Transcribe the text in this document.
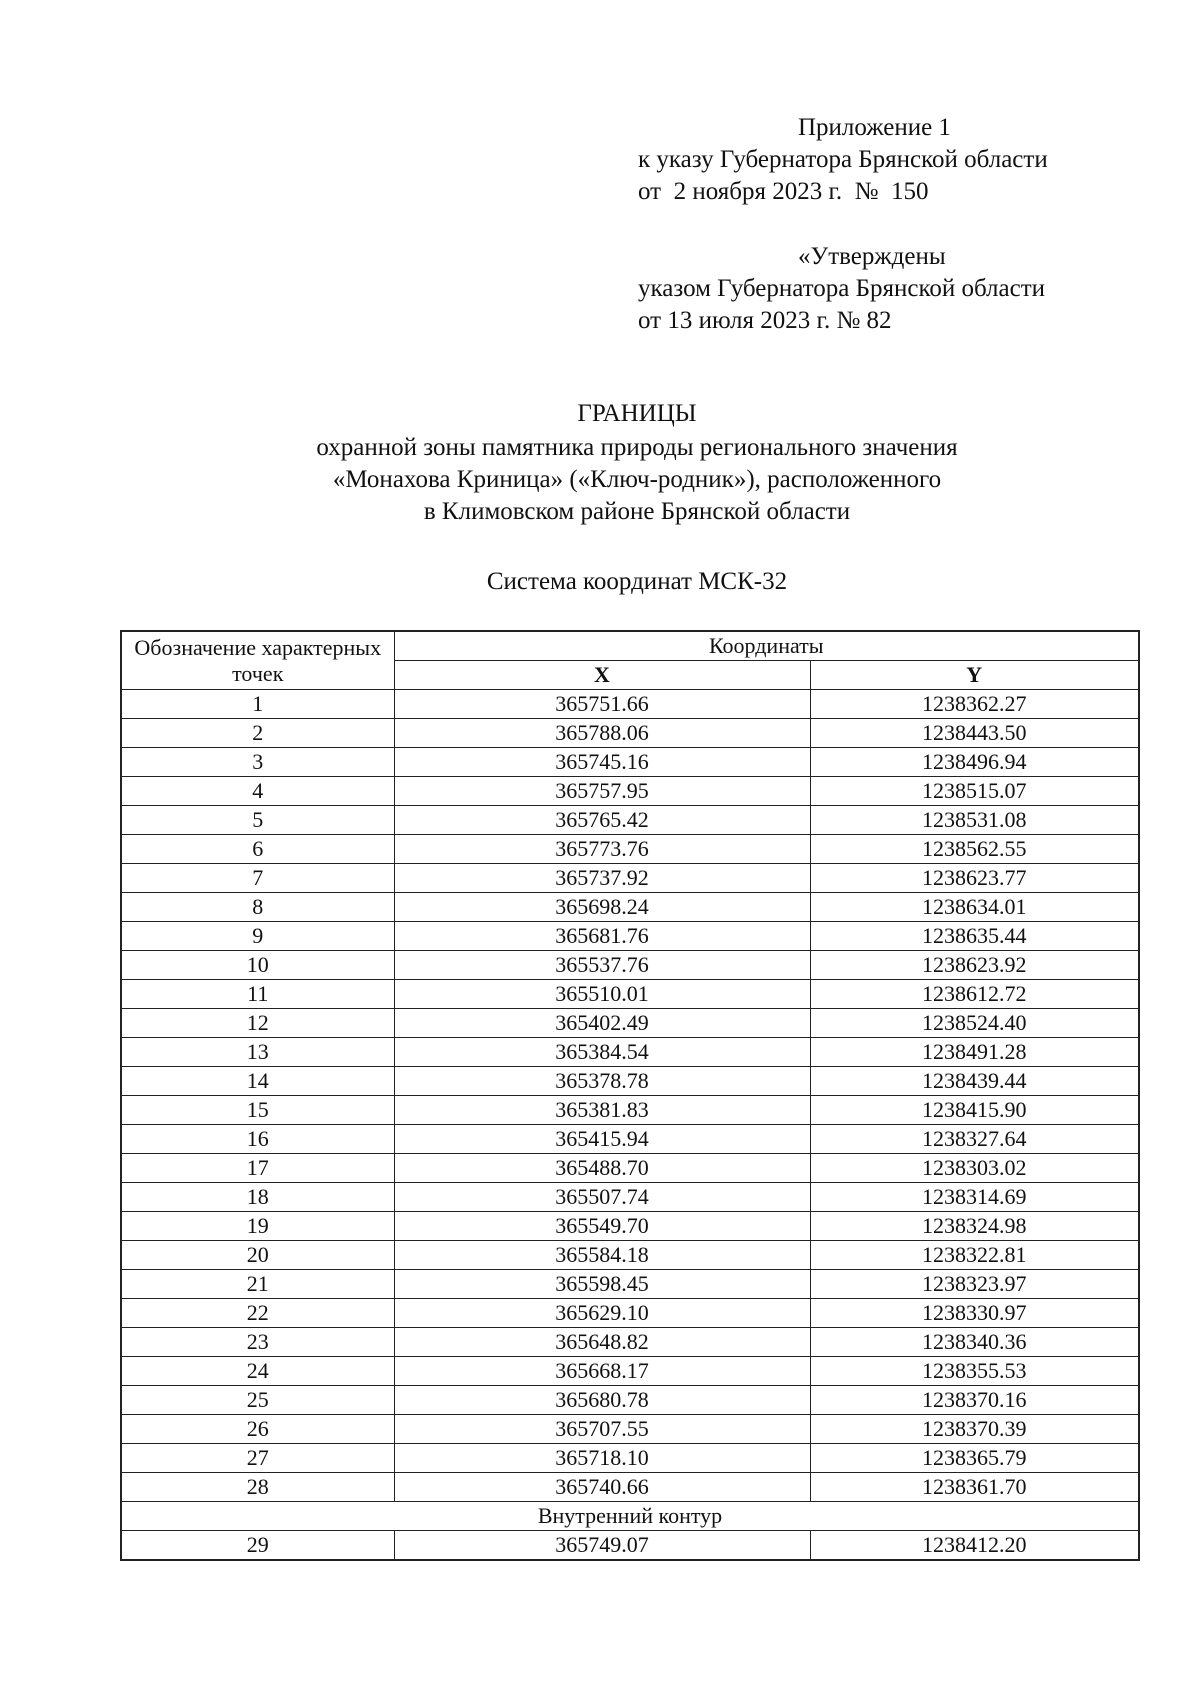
Приложение 1
к указу Губернатора Брянской области
от  2 ноября 2023 г.  №  150
«Утверждены
указом Губернатора Брянской области
от 13 июля 2023 г. № 82
ГРАНИЦЫ
охранной зоны памятника природы регионального значения
«Монахова Криница» («Ключ-родник»), расположенного
в Климовском районе Брянской области
Система координат МСК-32
Обозначение характерных точек	Координаты	
	X	Y
1	365751.66	1238362.27
2	365788.06	1238443.50
3	365745.16	1238496.94
4	365757.95	1238515.07
5	365765.42	1238531.08
6	365773.76	1238562.55
7	365737.92	1238623.77
8	365698.24	1238634.01
9	365681.76	1238635.44
10	365537.76	1238623.92
11	365510.01	1238612.72
12	365402.49	1238524.40
13	365384.54	1238491.28
14	365378.78	1238439.44
15	365381.83	1238415.90
16	365415.94	1238327.64
17	365488.70	1238303.02
18	365507.74	1238314.69
19	365549.70	1238324.98
20	365584.18	1238322.81
21	365598.45	1238323.97
22	365629.10	1238330.97
23	365648.82	1238340.36
24	365668.17	1238355.53
25	365680.78	1238370.16
26	365707.55	1238370.39
27	365718.10	1238365.79
28	365740.66	1238361.70
Внутренний контур		
29	365749.07	1238412.20
